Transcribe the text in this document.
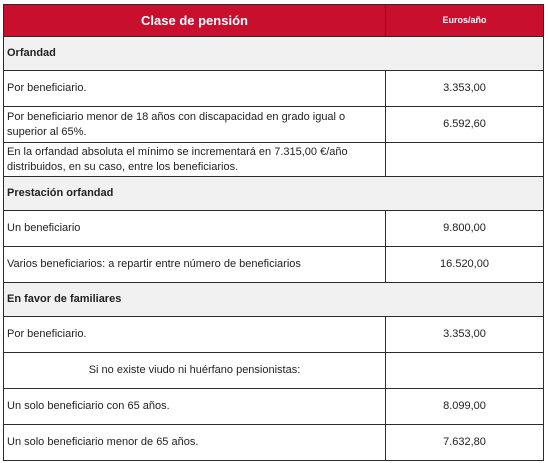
Clase de pensión	Euros/año
Orfandad	
Por beneficiario.	3.353,00
Por beneficiario menor de 18 años con discapacidad en grado igual o superior al 65%.	6.592,60
En la orfandad absoluta el mínimo se incrementará en 7.315,00 €/año distribuidos, en su caso, entre los beneficiarios.	
Prestación orfandad	
Un beneficiario	9.800,00
Varios beneficiarios: a repartir entre número de beneficiarios	16.520,00
En favor de familiares	
Por beneficiario.	3.353,00
Si no existe viudo ni huérfano pensionistas:	
Un solo beneficiario con 65 años.	8.099,00
Un solo beneficiario menor de 65 años.	7.632,80
